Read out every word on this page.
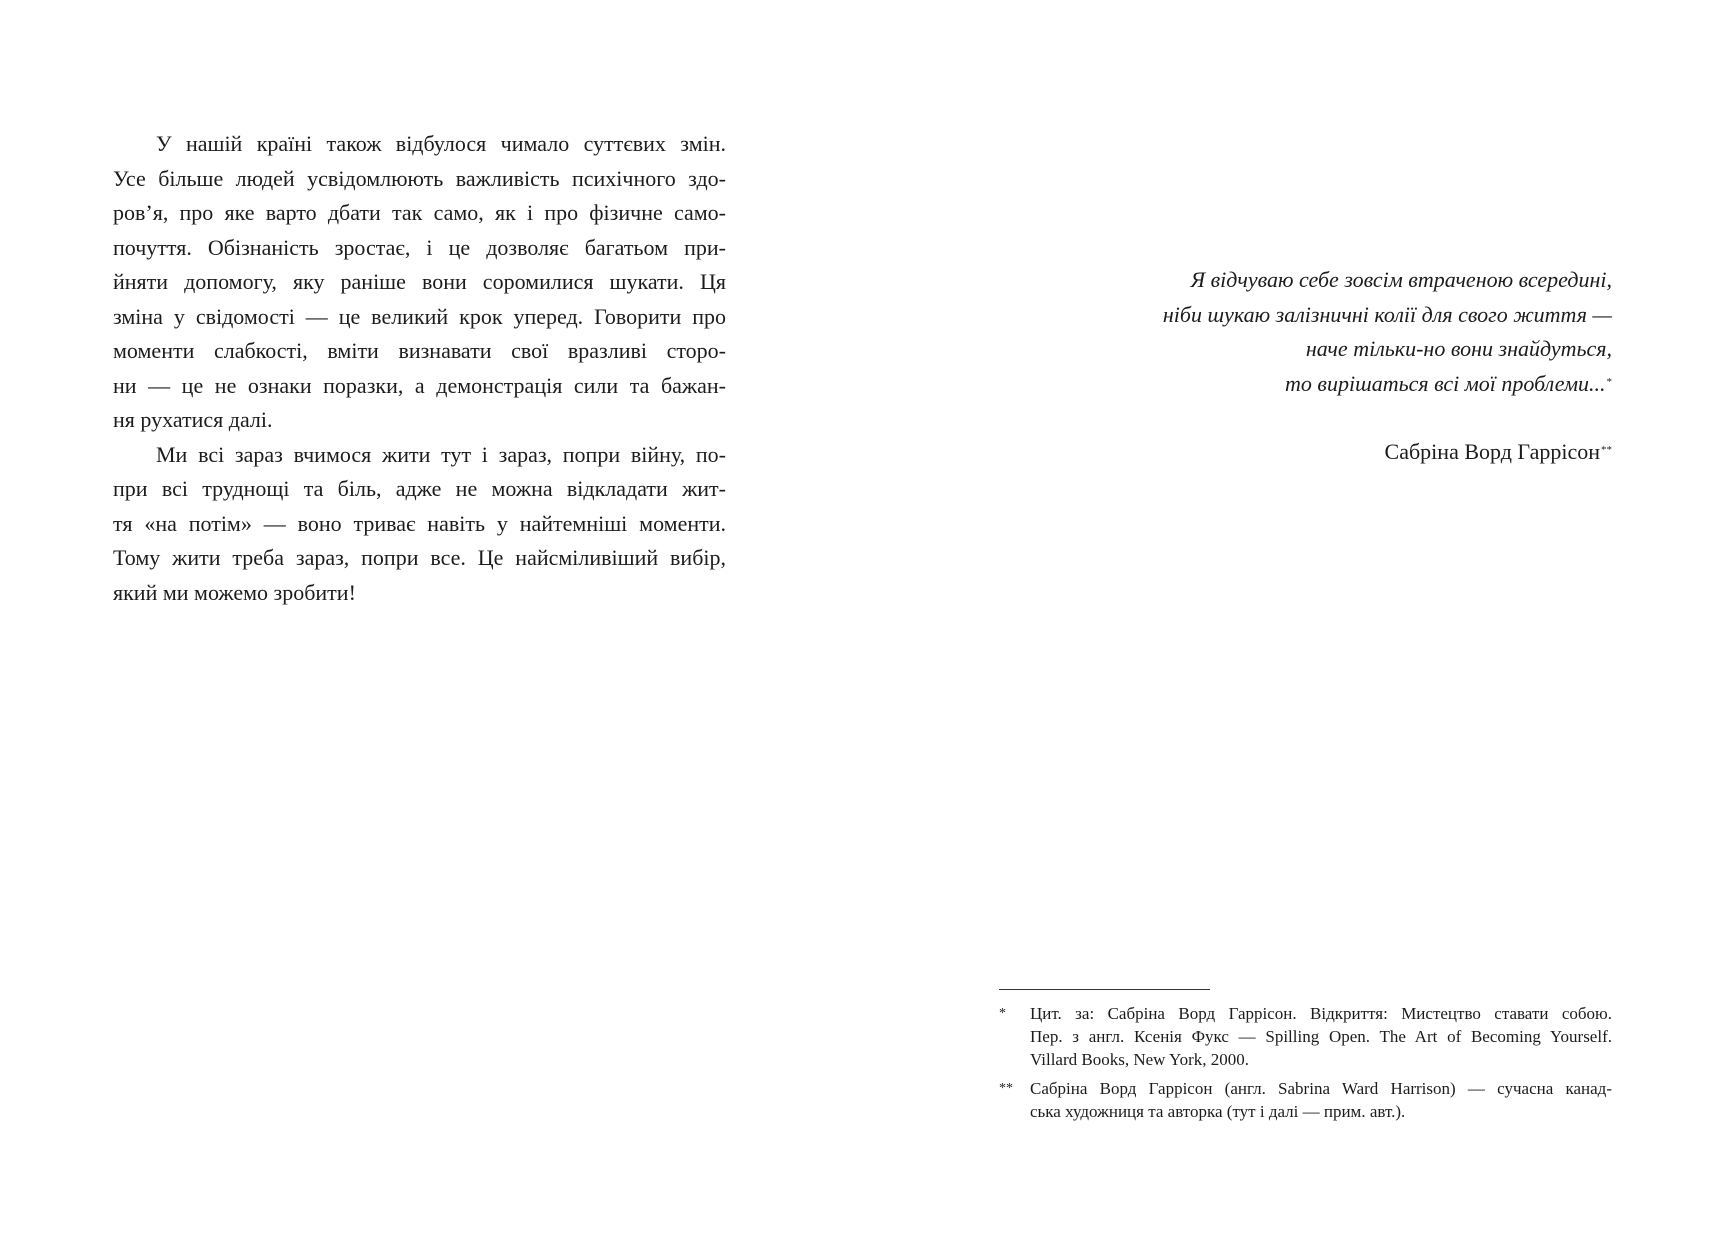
У нашій країні також відбулося чимало суттєвих змін.
Усе більше людей усвідомлюють важливість психічного здо-
ров’я, про яке варто дбати так само, як і про фізичне само-
почуття. Обізнаність зростає, і це дозволяє багатьом при-
йняти допомогу, яку раніше вони соромилися шукати. Ця
зміна у свідомості — це великий крок уперед. Говорити про
моменти слабкості, вміти визнавати свої вразливі сторо-
ни — це не ознаки поразки, а демонстрація сили та бажан-
ня рухатися далі.
Ми всі зараз вчимося жити тут і зараз, попри війну, по-
при всі труднощі та біль, адже не можна відкладати жит-
тя «на потім» — воно триває навіть у найтемніші моменти.
Тому жити треба зараз, попри все. Це найсміливіший вибір,
який ми можемо зробити!
Я відчуваю себе зовсім втраченою всередині,
ніби шукаю залізничні колії для свого життя —
наче тільки-но вони знайдуться,
то вирішаться всі мої проблеми...*
Сабріна Ворд Гаррісон**
* Цит. за: Сабріна Ворд Гаррісон. Відкриття: Мистецтво ставати собою.
Пер. з англ. Ксенія Фукс — Spilling Open. The Art of Becoming Yourself.
Villard Books, New York, 2000.
** Сабріна Ворд Гаррісон (англ. Sabrina Ward Harrison) — сучасна канад-
ська художниця та авторка (тут і далі — прим. авт.).
